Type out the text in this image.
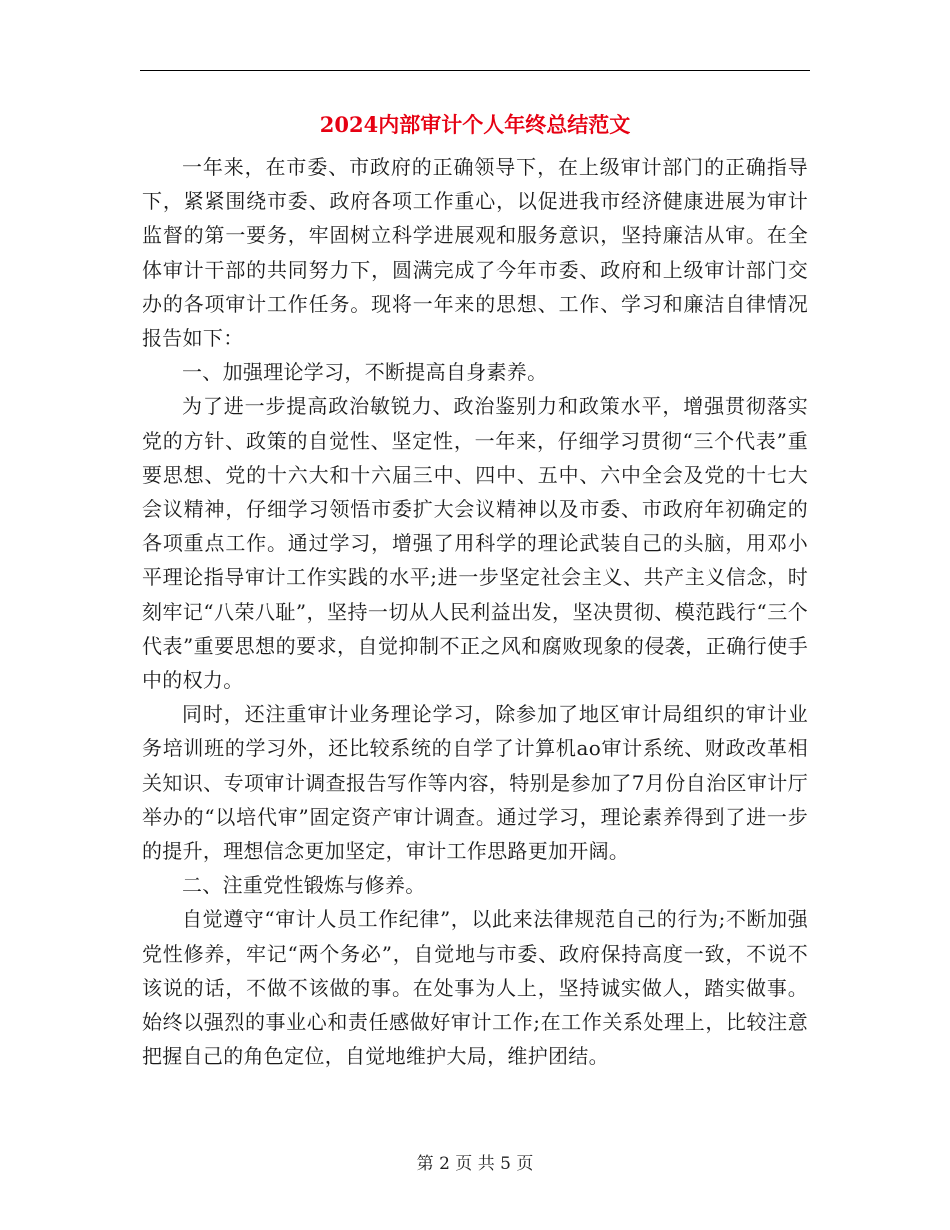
2024内部审计个人年终总结范文

一年来，在市委、市政府的正确领导下，在上级审计部门的正确指导下，紧紧围绕市委、政府各项工作重心，以促进我市经济健康进展为审计监督的第一要务，牢固树立科学进展观和服务意识，坚持廉洁从审。在全体审计干部的共同努力下，圆满完成了今年市委、政府和上级审计部门交办的各项审计工作任务。现将一年来的思想、工作、学习和廉洁自律情况报告如下：

一、加强理论学习，不断提高自身素养。

为了进一步提高政治敏锐力、政治鉴别力和政策水平，增强贯彻落实党的方针、政策的自觉性、坚定性，一年来，仔细学习贯彻“三个代表”重要思想、党的十六大和十六届三中、四中、五中、六中全会及党的十七大会议精神，仔细学习领悟市委扩大会议精神以及市委、市政府年初确定的各项重点工作。通过学习，增强了用科学的理论武装自己的头脑，用邓小平理论指导审计工作实践的水平;进一步坚定社会主义、共产主义信念，时刻牢记“八荣八耻”，坚持一切从人民利益出发，坚决贯彻、模范践行“三个代表”重要思想的要求，自觉抑制不正之风和腐败现象的侵袭，正确行使手中的权力。

同时，还注重审计业务理论学习，除参加了地区审计局组织的审计业务培训班的学习外，还比较系统的自学了计算机ao审计系统、财政改革相关知识、专项审计调查报告写作等内容，特别是参加了7月份自治区审计厅举办的“以培代审”固定资产审计调查。通过学习，理论素养得到了进一步的提升，理想信念更加坚定，审计工作思路更加开阔。

二、注重党性锻炼与修养。

自觉遵守“审计人员工作纪律”，以此来法律规范自己的行为;不断加强党性修养，牢记“两个务必”，自觉地与市委、政府保持高度一致，不说不该说的话，不做不该做的事。在处事为人上，坚持诚实做人，踏实做事。始终以强烈的事业心和责任感做好审计工作;在工作关系处理上，比较注意把握自己的角色定位，自觉地维护大局，维护团结。

第 2 页 共 5 页
